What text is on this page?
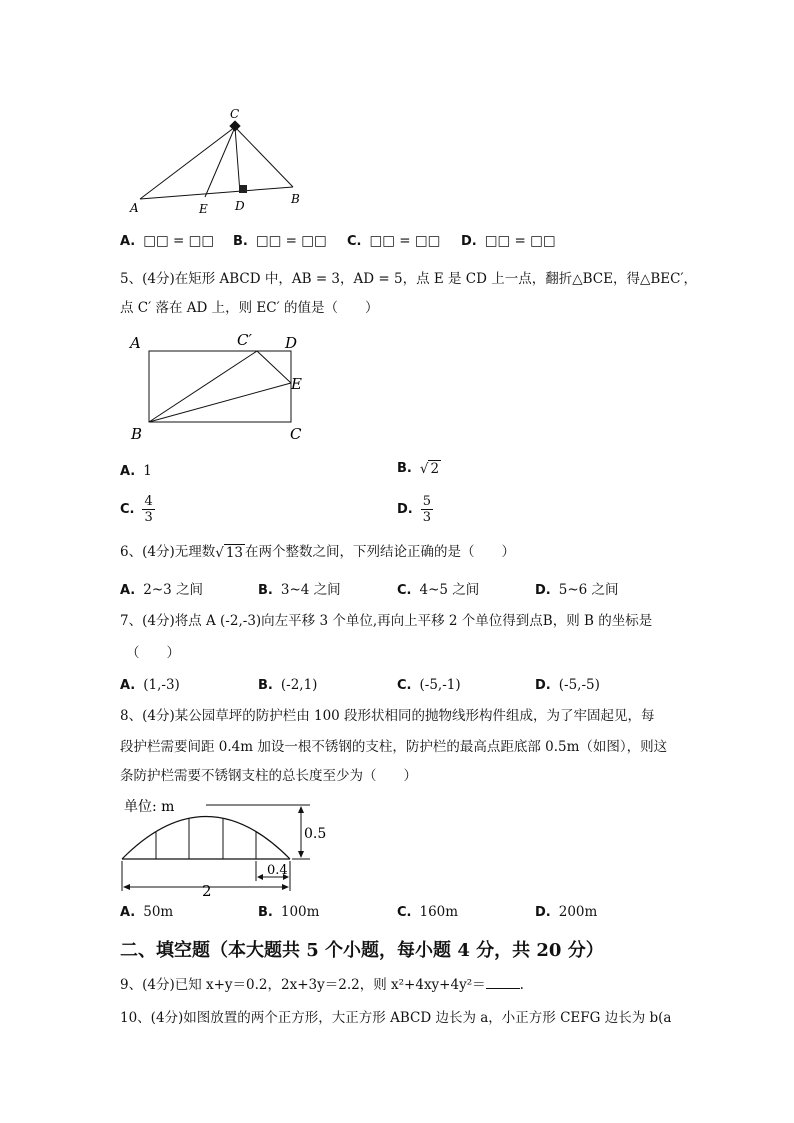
C
A	E D	B
A. □□ = □□ B. □□ = □□ C. □□ = □□ D. □□ = □□
5、(4分)在矩形 ABCD 中，AB = 3，AD = 5，点 E 是 CD 上一点，翻折△BCE，得△BEC′，
点 C′ 落在 AD 上，则 EC′ 的值是（　　）
A	C′ D
E
B	C
A. 1	B. √ 2
C. $\frac{4}{3}$	D. $\frac{5}{3}$
6、(4分)无理数√ 13 在两个整数之间，下列结论正确的是（　　）
A. 2~3 之间	B. 3~4 之间	C. 4~5 之间	D. 5~6 之间
7、(4分)将点 A (-2,-3)向左平移 3 个单位,再向上平移 2 个单位得到点B，则 B 的坐标是
（　　）
A. (1,-3)	B. (-2,1)	C. (-5,-1)	D. (-5,-5)
8、(4分)某公园草坪的防护栏由 100 段形状相同的抛物线形构件组成，为了牢固起见，每
段护栏需要间距 0.4m 加设一根不锈钢的支柱，防护栏的最高点距底部 0.5m（如图），则这
条防护栏需要不锈钢支柱的总长度至少为（　　）
单位: m
0.5
0.4
2
A. 50m	B. 100m	C. 160m	D. 200m
二、填空题（本大题共 5 个小题，每小题 4 分，共 20 分）
9、(4分)已知 x+y＝0.2，2x+3y＝2.2，则 x²+4xy+4y²＝	.
10、(4分)如图放置的两个正方形，大正方形 ABCD 边长为 a，小正方形 CEFG 边长为 b(a
